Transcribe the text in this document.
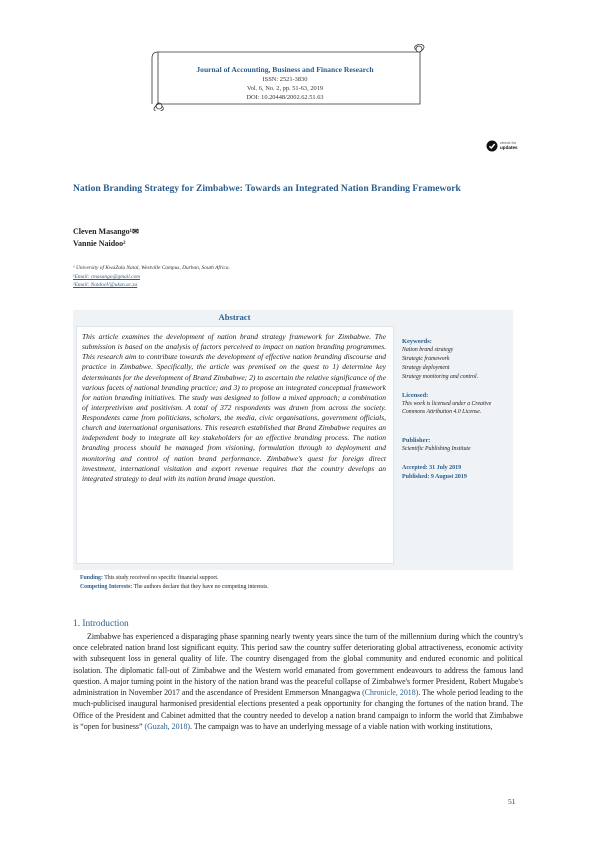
Journal of Accounting, Business and Finance Research
ISSN: 2521-3830
Vol. 6, No. 2, pp. 51-63, 2019
DOI: 10.20448/2002.62.51.63
check for
updates
Nation Branding Strategy for Zimbabwe: Towards an Integrated Nation Branding Framework
Cleven Masango¹✉
Vannie Naidoo²
¹ University of KwaZulu Natal, Westville Campus, Durban, South Africa.
¹Email: cmasango@gmail.com
²Email: NaidooV@ukzn.ac.za
Abstract
This article examines the development of nation brand strategy framework for Zimbabwe. The submission is based on the analysis of factors perceived to impact on nation branding programmes. This research aim to contribute towards the development of effective nation branding discourse and practice in Zimbabwe. Specifically, the article was premised on the quest to 1) determine key determinants for the development of Brand Zimbabwe; 2) to ascertain the relative significance of the various facets of national branding practice; and 3) to propose an integrated conceptual framework for nation branding initiatives. The study was designed to follow a mixed approach; a combination of interpretivism and positivism. A total of 372 respondents was drawn from across the society. Respondents came from politicians, scholars, the media, civic organisations, government officials, church and international organisations. This research established that Brand Zimbabwe requires an independent body to integrate all key stakeholders for an effective branding process. The nation branding process should be managed from visioning, formulation through to deployment and monitoring and control of nation brand performance. Zimbabwe's quest for foreign direct investment, international visitation and export revenue requires that the country develops an integrated strategy to deal with its nation brand image question.
Keywords:
Nation brand strategy
Strategic framework
Strategy deployment
Strategy monitoring and control.
Licensed:
This work is licensed under a Creative Commons Attribution 4.0 License.
Publisher:
Scientific Publishing Institute
Accepted: 31 July 2019
Published: 9 August 2019
Funding: This study received no specific financial support.
Competing Interests: The authors declare that they have no competing interests.
1. Introduction
Zimbabwe has experienced a disparaging phase spanning nearly twenty years since the turn of the millennium during which the country's once celebrated nation brand lost significant equity. This period saw the country suffer deteriorating global attractiveness, economic activity with subsequent loss in general quality of life. The country disengaged from the global community and endured economic and political isolation. The diplomatic fall-out of Zimbabwe and the Western world emanated from government endeavours to address the famous land question. A major turning point in the history of the nation brand was the peaceful collapse of Zimbabwe's former President, Robert Mugabe's administration in November 2017 and the ascendance of President Emmerson Mnangagwa (Chronicle, 2018). The whole period leading to the much-publicised inaugural harmonised presidential elections presented a peak opportunity for changing the fortunes of the nation brand. The Office of the President and Cabinet admitted that the country needed to develop a nation brand campaign to inform the world that Zimbabwe is “open for business” (Guzah, 2018). The campaign was to have an underlying message of a viable nation with working institutions,
51
